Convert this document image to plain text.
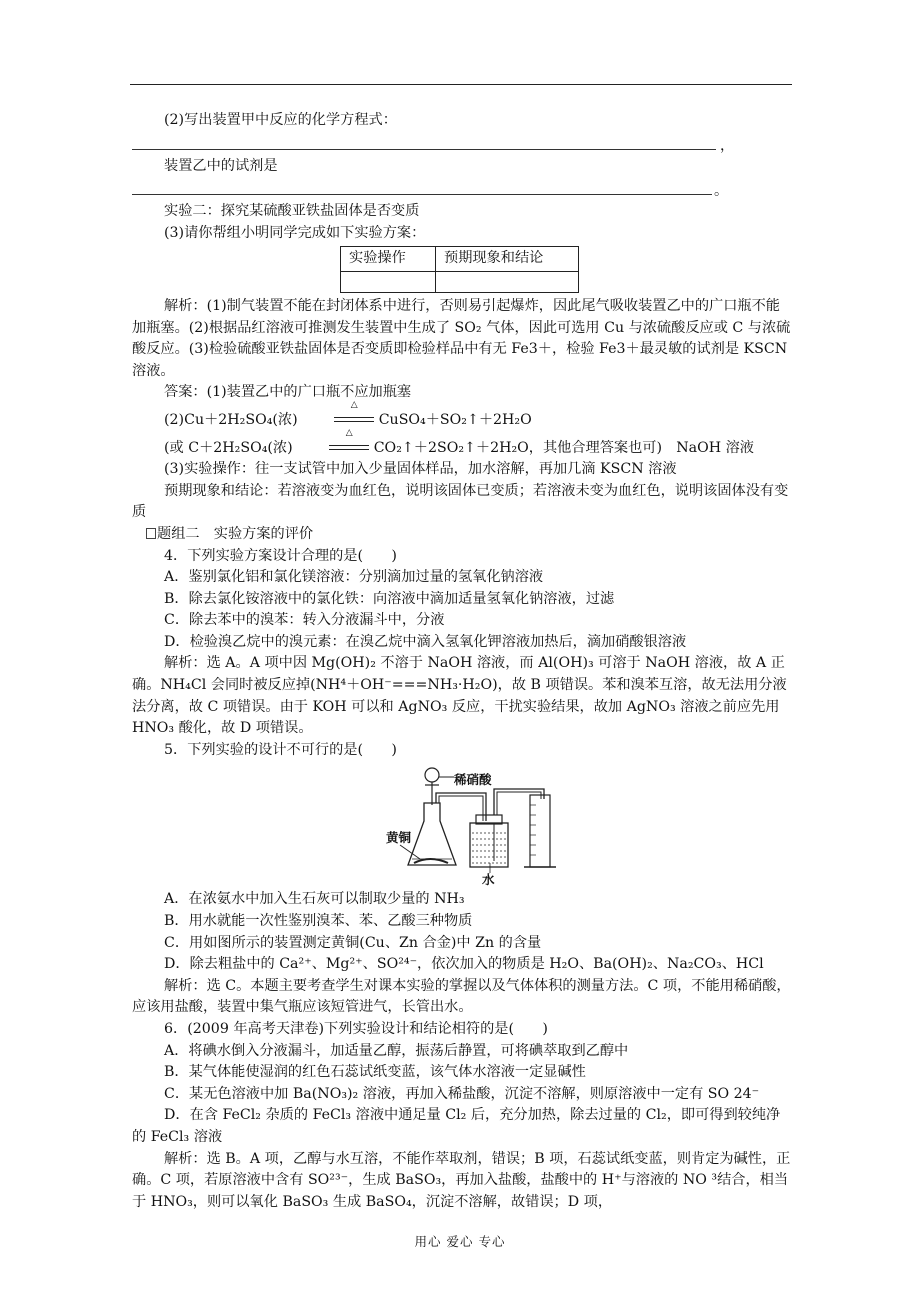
(2)写出装置甲中反应的化学方程式：

，

装置乙中的试剂是

。

实验二：探究某硫酸亚铁盐固体是否变质

(3)请你帮组小明同学完成如下实验方案：

实验操作	预期现象和结论

解析：(1)制气装置不能在封闭体系中进行，否则易引起爆炸，因此尾气吸收装置乙中的广口瓶不能加瓶塞。(2)根据品红溶液可推测发生装置中生成了 SO₂ 气体，因此可选用 Cu 与浓硫酸反应或 C 与浓硫酸反应。(3)检验硫酸亚铁盐固体是否变质即检验样品中有无 Fe3＋，检验 Fe3＋最灵敏的试剂是 KSCN 溶液。

答案：(1)装置乙中的广口瓶不应加瓶塞

(2)Cu＋2H₂SO₄(浓)
△
CuSO₄＋SO₂↑＋2H₂O

(或 C＋2H₂SO₄(浓)
△
CO₂↑＋2SO₂↑＋2H₂O，其他合理答案也可)　NaOH 溶液

(3)实验操作：往一支试管中加入少量固体样品，加水溶解，再加几滴 KSCN 溶液

预期现象和结论：若溶液变为血红色，说明该固体已变质；若溶液未变为血红色，说明该固体没有变质

题组二　实验方案的评价

4．下列实验方案设计合理的是(　　)

A．鉴别氯化铝和氯化镁溶液：分别滴加过量的氢氧化钠溶液

B．除去氯化铵溶液中的氯化铁：向溶液中滴加适量氢氧化钠溶液，过滤

C．除去苯中的溴苯：转入分液漏斗中，分液

D．检验溴乙烷中的溴元素：在溴乙烷中滴入氢氧化钾溶液加热后，滴加硝酸银溶液

解析：选 A。A 项中因 Mg(OH)₂ 不溶于 NaOH 溶液，而 Al(OH)₃ 可溶于 NaOH 溶液，故 A 正确。NH₄Cl 会同时被反应掉(NH⁴＋OH⁻===NH₃·H₂O)，故 B 项错误。苯和溴苯互溶，故无法用分液法分离，故 C 项错误。由于 KOH 可以和 AgNO₃ 反应，干扰实验结果，故加 AgNO₃ 溶液之前应先用 HNO₃ 酸化，故 D 项错误。

5．下列实验的设计不可行的是(　　)

稀硝酸
黄铜
水

A．在浓氨水中加入生石灰可以制取少量的 NH₃

B．用水就能一次性鉴别溴苯、苯、乙酸三种物质

C．用如图所示的装置测定黄铜(Cu、Zn 合金)中 Zn 的含量

D．除去粗盐中的 Ca²⁺、Mg²⁺、SO²⁴⁻，依次加入的物质是 H₂O、Ba(OH)₂、Na₂CO₃、HCl

解析：选 C。本题主要考查学生对课本实验的掌握以及气体体积的测量方法。C 项，不能用稀硝酸，应该用盐酸，装置中集气瓶应该短管进气，长管出水。

6．(2009 年高考天津卷)下列实验设计和结论相符的是(　　)

A．将碘水倒入分液漏斗，加适量乙醇，振荡后静置，可将碘萃取到乙醇中

B．某气体能使湿润的红色石蕊试纸变蓝，该气体水溶液一定显碱性

C．某无色溶液中加 Ba(NO₃)₂ 溶液，再加入稀盐酸，沉淀不溶解，则原溶液中一定有 SO 24⁻

D．在含 FeCl₂ 杂质的 FeCl₃ 溶液中通足量 Cl₂ 后，充分加热，除去过量的 Cl₂，即可得到较纯净的 FeCl₃ 溶液

解析：选 B。A 项，乙醇与水互溶，不能作萃取剂，错误；B 项，石蕊试纸变蓝，则肯定为碱性，正确。C 项，若原溶液中含有 SO²³⁻，生成 BaSO₃，再加入盐酸，盐酸中的 H⁺与溶液的 NO ³结合，相当于 HNO₃，则可以氧化 BaSO₃ 生成 BaSO₄，沉淀不溶解，故错误；D 项，

用心 爱心 专心
